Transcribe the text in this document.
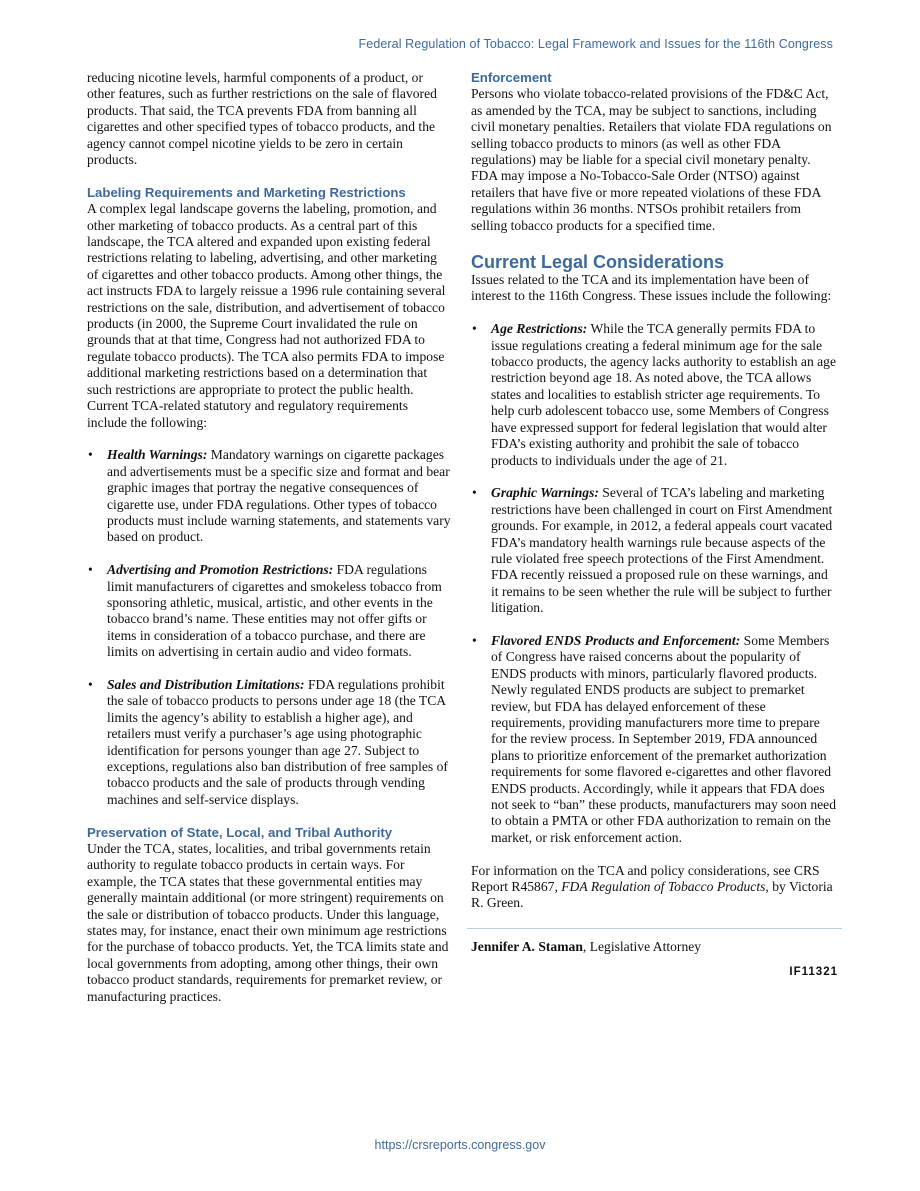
Federal Regulation of Tobacco: Legal Framework and Issues for the 116th Congress

reducing nicotine levels, harmful components of a product, or other features, such as further restrictions on the sale of flavored products. That said, the TCA prevents FDA from banning all cigarettes and other specified types of tobacco products, and the agency cannot compel nicotine yields to be zero in certain products.

Labeling Requirements and Marketing Restrictions

A complex legal landscape governs the labeling, promotion, and other marketing of tobacco products. As a central part of this landscape, the TCA altered and expanded upon existing federal restrictions relating to labeling, advertising, and other marketing of cigarettes and other tobacco products. Among other things, the act instructs FDA to largely reissue a 1996 rule containing several restrictions on the sale, distribution, and advertisement of tobacco products (in 2000, the Supreme Court invalidated the rule on grounds that at that time, Congress had not authorized FDA to regulate tobacco products). The TCA also permits FDA to impose additional marketing restrictions based on a determination that such restrictions are appropriate to protect the public health. Current TCA-related statutory and regulatory requirements include the following:

• Health Warnings: Mandatory warnings on cigarette packages and advertisements must be a specific size and format and bear graphic images that portray the negative consequences of cigarette use, under FDA regulations. Other types of tobacco products must include warning statements, and statements vary based on product.
• Advertising and Promotion Restrictions: FDA regulations limit manufacturers of cigarettes and smokeless tobacco from sponsoring athletic, musical, artistic, and other events in the tobacco brand’s name. These entities may not offer gifts or items in consideration of a tobacco purchase, and there are limits on advertising in certain audio and video formats.
• Sales and Distribution Limitations: FDA regulations prohibit the sale of tobacco products to persons under age 18 (the TCA limits the agency’s ability to establish a higher age), and retailers must verify a purchaser’s age using photographic identification for persons younger than age 27. Subject to exceptions, regulations also ban distribution of free samples of tobacco products and the sale of products through vending machines and self-service displays.
Preservation of State, Local, and Tribal Authority

Under the TCA, states, localities, and tribal governments retain authority to regulate tobacco products in certain ways. For example, the TCA states that these governmental entities may generally maintain additional (or more stringent) requirements on the sale or distribution of tobacco products. Under this language, states may, for instance, enact their own minimum age restrictions for the purchase of tobacco products. Yet, the TCA limits state and local governments from adopting, among other things, their own tobacco product standards, requirements for premarket review, or manufacturing practices.

Enforcement

Persons who violate tobacco-related provisions of the FD&C Act, as amended by the TCA, may be subject to sanctions, including civil monetary penalties. Retailers that violate FDA regulations on selling tobacco products to minors (as well as other FDA regulations) may be liable for a special civil monetary penalty. FDA may impose a No-Tobacco-Sale Order (NTSO) against retailers that have five or more repeated violations of these FDA regulations within 36 months. NTSOs prohibit retailers from selling tobacco products for a specified time.

Current Legal Considerations

Issues related to the TCA and its implementation have been of interest to the 116th Congress. These issues include the following:

• Age Restrictions: While the TCA generally permits FDA to issue regulations creating a federal minimum age for the sale tobacco products, the agency lacks authority to establish an age restriction beyond age 18. As noted above, the TCA allows states and localities to establish stricter age requirements. To help curb adolescent tobacco use, some Members of Congress have expressed support for federal legislation that would alter FDA’s existing authority and prohibit the sale of tobacco products to individuals under the age of 21.
• Graphic Warnings: Several of TCA’s labeling and marketing restrictions have been challenged in court on First Amendment grounds. For example, in 2012, a federal appeals court vacated FDA’s mandatory health warnings rule because aspects of the rule violated free speech protections of the First Amendment. FDA recently reissued a proposed rule on these warnings, and it remains to be seen whether the rule will be subject to further litigation.
• Flavored ENDS Products and Enforcement: Some Members of Congress have raised concerns about the popularity of ENDS products with minors, particularly flavored products. Newly regulated ENDS products are subject to premarket review, but FDA has delayed enforcement of these requirements, providing manufacturers more time to prepare for the review process. In September 2019, FDA announced plans to prioritize enforcement of the premarket authorization requirements for some flavored e-cigarettes and other flavored ENDS products. Accordingly, while it appears that FDA does not seek to “ban” these products, manufacturers may soon need to obtain a PMTA or other FDA authorization to remain on the market, or risk enforcement action.

For information on the TCA and policy considerations, see CRS Report R45867, FDA Regulation of Tobacco Products, by Victoria R. Green.

Jennifer A. Staman, Legislative Attorney

IF11321
https://crsreports.congress.gov
